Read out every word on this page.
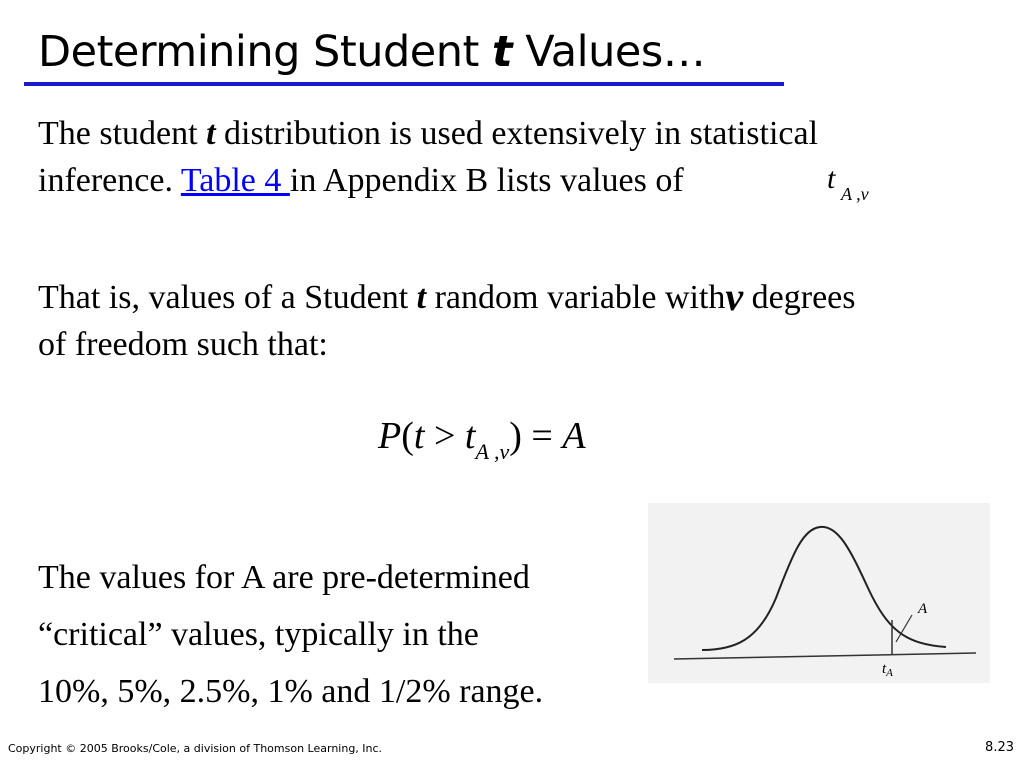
Determining Student t Values…
The student t distribution is used extensively in statistical
inference. Table 4 in Appendix B lists values of	t A ,ν
That is, values of a Student t random variable withν degrees
of freedom such that:
$P(t > t_{A ,\nu}) = A$
The values for A are pre-determined
“critical” values, typically in the
10%, 5%, 2.5%, 1% and 1/2% range.
A
$t_A$
Copyright © 2005 Brooks/Cole, a division of Thomson Learning, Inc.	8.23
